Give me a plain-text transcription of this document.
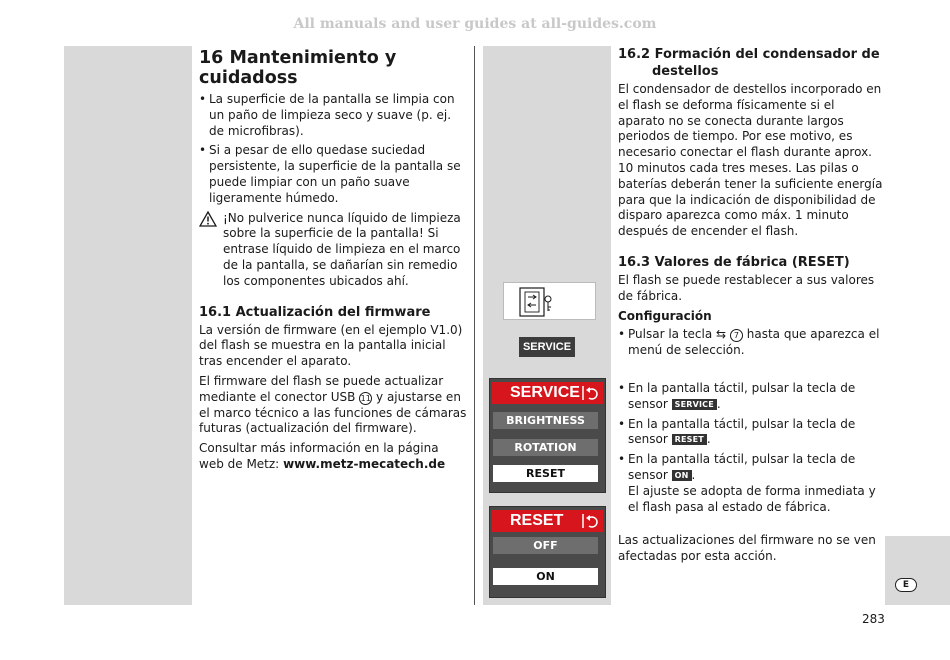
All manuals and user guides at all-guides.com
E
283
16 Mantenimiento y cuidadoss
• La superficie de la pantalla se limpia con un paño de limpieza seco y suave (p. ej. de microfibras).
• Si a pesar de ello quedase suciedad persistente, la superficie de la pantalla se puede limpiar con un paño suave ligeramente húmedo.
¡No pulverice nunca líquido de limpieza sobre la superficie de la pantalla! Si entrase líquido de limpieza en el marco de la pantalla, se dañarían sin remedio los componentes ubicados ahí.
16.1 Actualización del firmware

La versión de firmware (en el ejemplo V1.0) del flash se muestra en la pantalla inicial tras encender el aparato.

El firmware del flash se puede actualizar mediante el conector USB 11 y ajustarse en el marco técnico a las funciones de cámaras futuras (actualización del firmware).

Consultar más información en la página web de Metz: www.metz-mecatech.de

SERVICE
SERVICE
BRIGHTNESS
ROTATION
RESET
RESET
OFF
ON
16.2 Formación del condensador de destellos

El condensador de destellos incorporado en el flash se deforma físicamente si el aparato no se conecta durante largos periodos de tiempo. Por ese motivo, es necesario conectar el flash durante aprox. 10 minutos cada tres meses. Las pilas o baterías deberán tener la suficiente energía para que la indicación de disponibilidad de disparo aparezca como máx. 1 minuto después de encender el flash.

16.3 Valores de fábrica (RESET)

El flash se puede restablecer a sus valores de fábrica.

Configuración
• Pulsar la tecla ⇆ 7 hasta que aparezca el menú de selección.
• En la pantalla táctil, pulsar la tecla de sensor SERVICE .
• En la pantalla táctil, pulsar la tecla de sensor RESET .
• En la pantalla táctil, pulsar la tecla de sensor ON .
El ajuste se adopta de forma inmediata y el flash pasa al estado de fábrica.

Las actualizaciones del firmware no se ven afectadas por esta acción.
